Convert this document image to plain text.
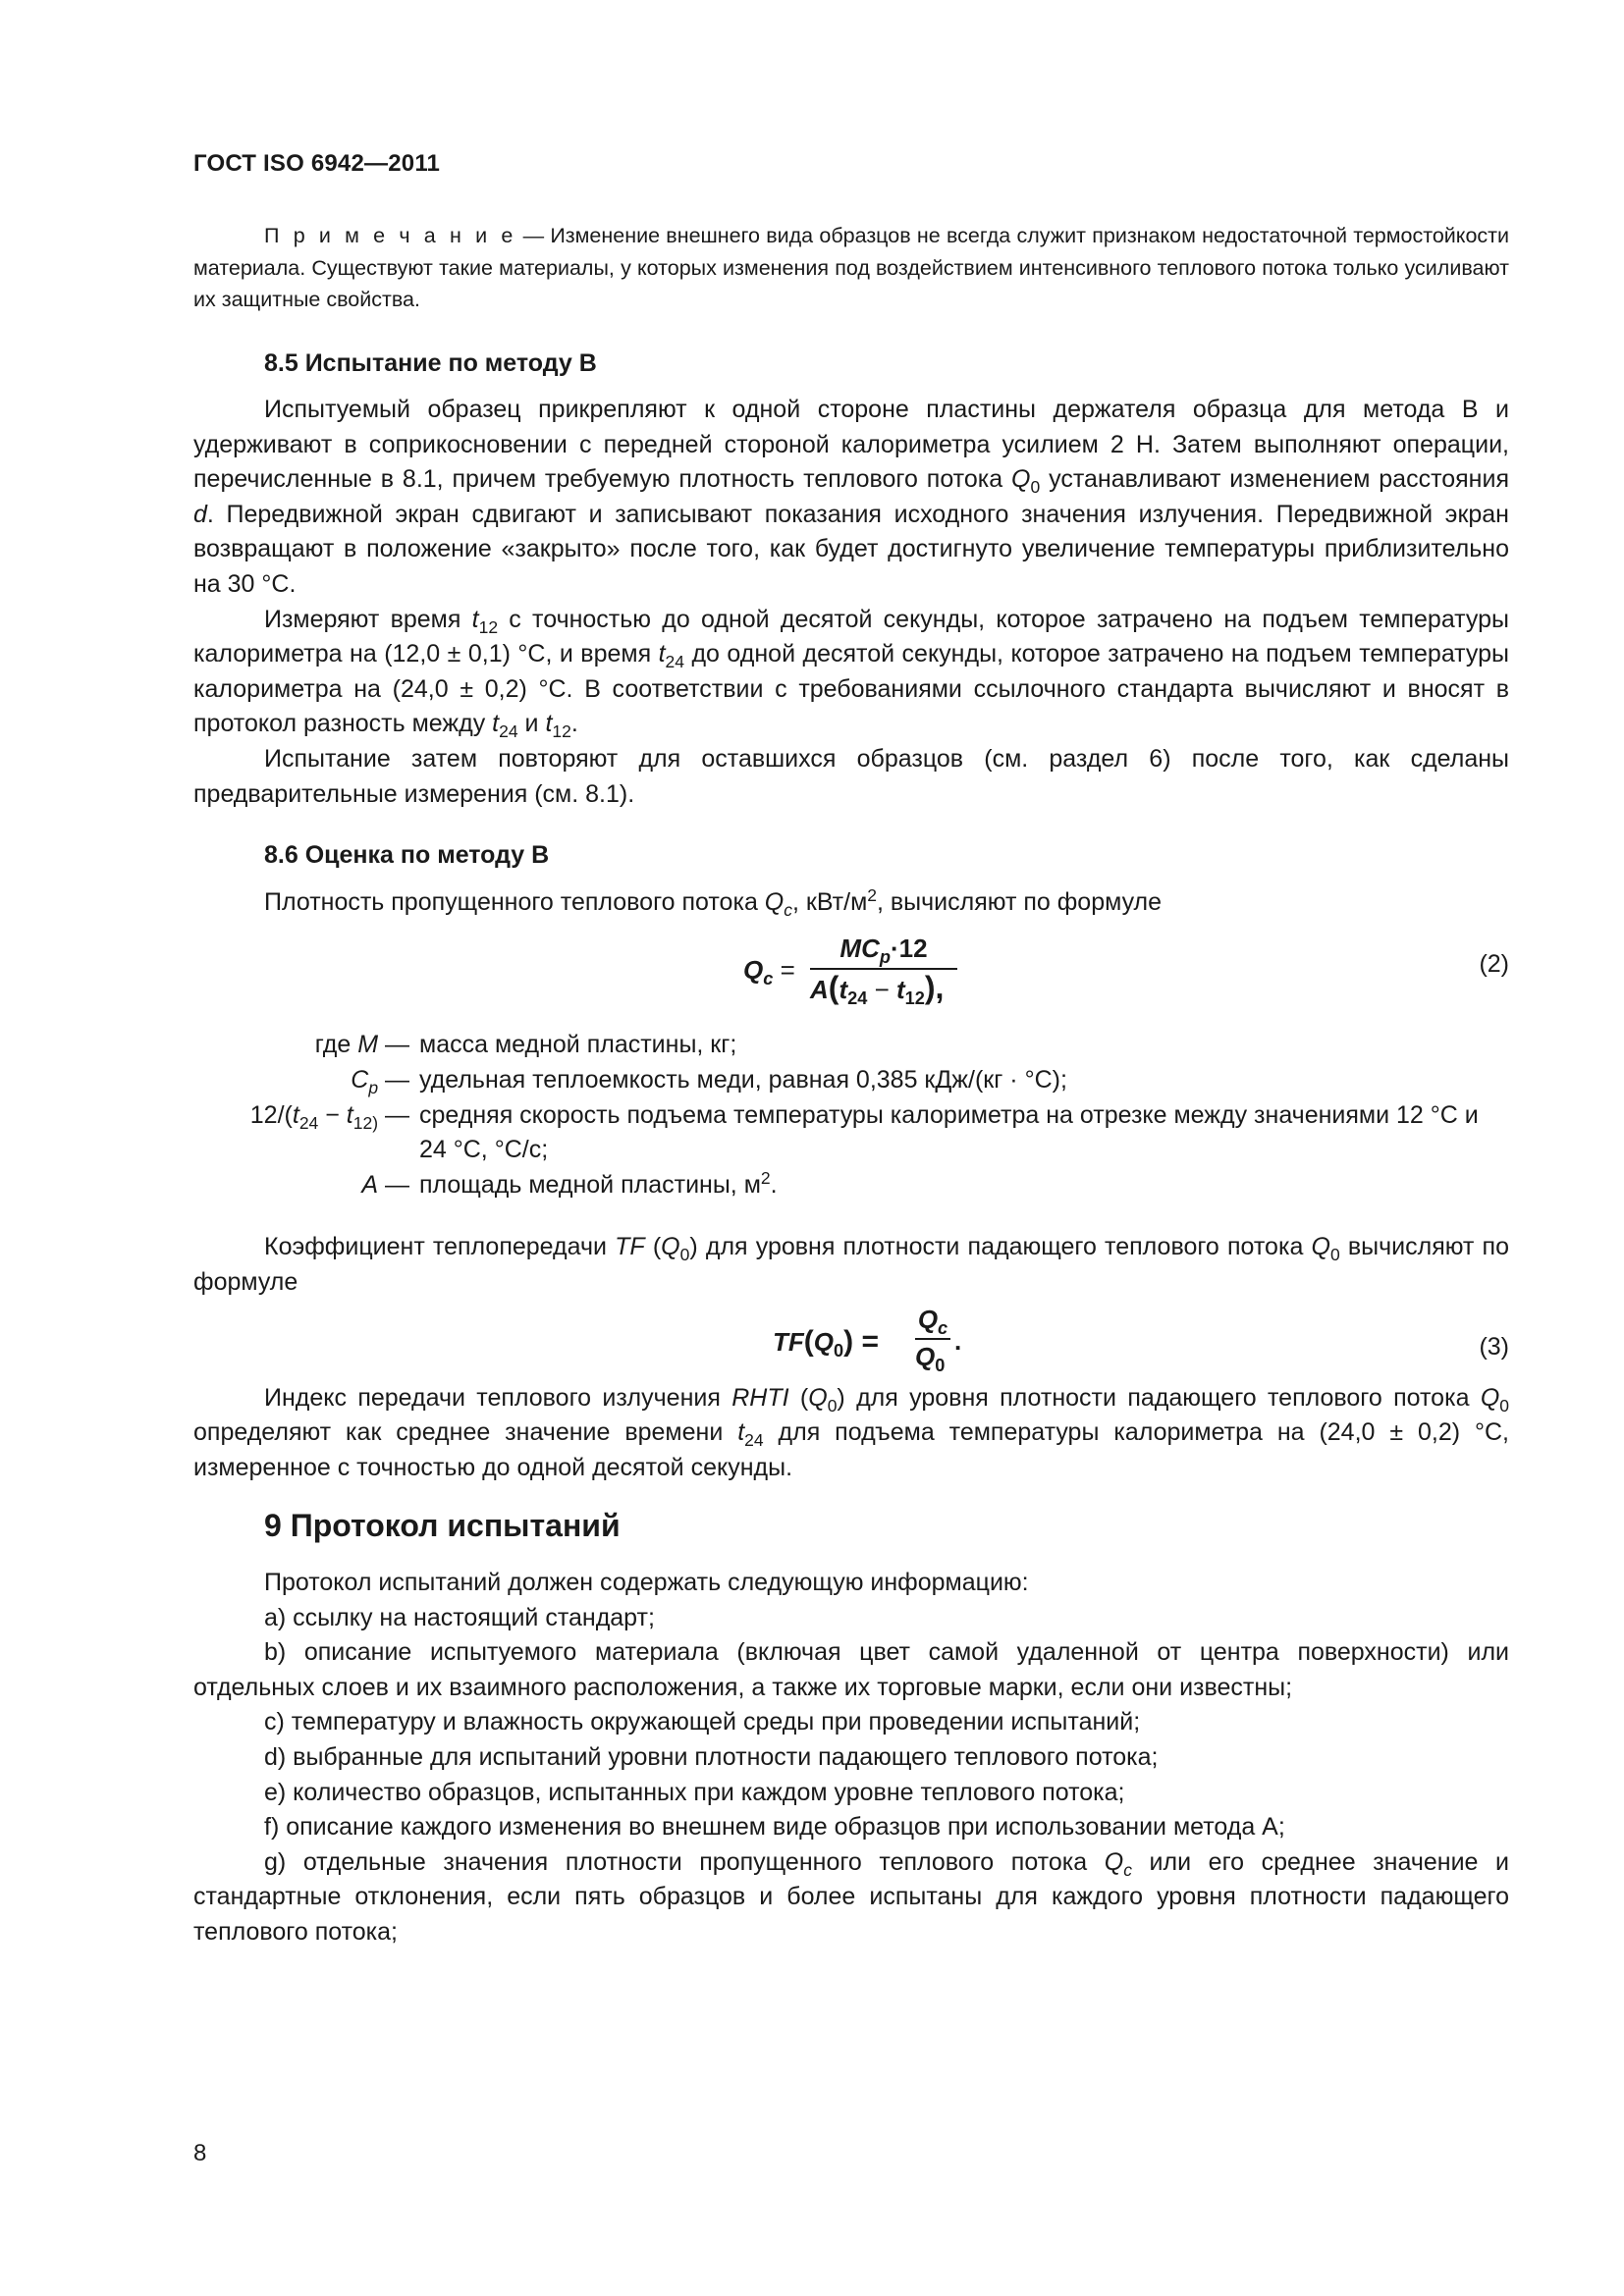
ГОСТ ISO 6942—2011

П р и м е ч а н и е — Изменение внешнего вида образцов не всегда служит признаком недостаточной термостойкости материала. Существуют такие материалы, у которых изменения под воздействием интенсивного теплового потока только усиливают их защитные свойства.

8.5 Испытание по методу B

Испытуемый образец прикрепляют к одной стороне пластины держателя образца для метода B и удерживают в соприкосновении с передней стороной калориметра усилием 2 Н. Затем выполняют операции, перечисленные в 8.1, причем требуемую плотность теплового потока $Q_0$ устанавливают изменением расстояния d. Передвижной экран сдвигают и записывают показания исходного значения излучения. Передвижной экран возвращают в положение «закрыто» после того, как будет достигнуто увеличение температуры приблизительно на 30 °С.

Измеряют время $t_{12}$ с точностью до одной десятой секунды, которое затрачено на подъем температуры калориметра на (12,0 ± 0,1) °С, и время $t_{24}$ до одной десятой секунды, которое затрачено на подъем температуры калориметра на (24,0 ± 0,2) °С. В соответствии с требованиями ссылочного стандарта вычисляют и вносят в протокол разность между $t_{24}$ и $t_{12}$.

Испытание затем повторяют для оставшихся образцов (см. раздел 6) после того, как сделаны предварительные измерения (см. 8.1).

8.6 Оценка по методу B

Плотность пропущенного теплового потока $Q_c$, кВт/$м^2$, вычисляют по формуле

$Q_c$ =
$MC_p\cdot 12$
$A(t_{24} - t_{12})$,
(2)
где M — масса медной пластины, кг;
$C_p$ — удельная теплоемкость меди, равная 0,385 кДж/(кг · °С);
$12/(t_{24} - t_{12)}$ — средняя скорость подъема температуры калориметра на отрезке между значениями 12 °С и 24 °С, °С/с;
A — площадь медной пластины, $м^2$.

Коэффициент теплопередачи TF $(Q_0)$ для уровня плотности падающего теплового потока $Q_0$ вычисляют по формуле

$TF(Q_0)$ =
$Q_c$
$Q_0$
.	(3)

Индекс передачи теплового излучения RHTI $(Q_0)$ для уровня плотности падающего теплового потока $Q_0$ определяют как среднее значение времени $t_{24}$ для подъема температуры калориметра на (24,0 ± 0,2) °С, измеренное с точностью до одной десятой секунды.

9 Протокол испытаний

Протокол испытаний должен содержать следующую информацию:

a) ссылку на настоящий стандарт;

b) описание испытуемого материала (включая цвет самой удаленной от центра поверхности) или отдельных слоев и их взаимного расположения, а также их торговые марки, если они известны;

c) температуру и влажность окружающей среды при проведении испытаний;

d) выбранные для испытаний уровни плотности падающего теплового потока;

e) количество образцов, испытанных при каждом уровне теплового потока;

f) описание каждого изменения во внешнем виде образцов при использовании метода А;

g) отдельные значения плотности пропущенного теплового потока $Q_c$ или его среднее значение и стандартные отклонения, если пять образцов и более испытаны для каждого уровня плотности падающего теплового потока;

8
